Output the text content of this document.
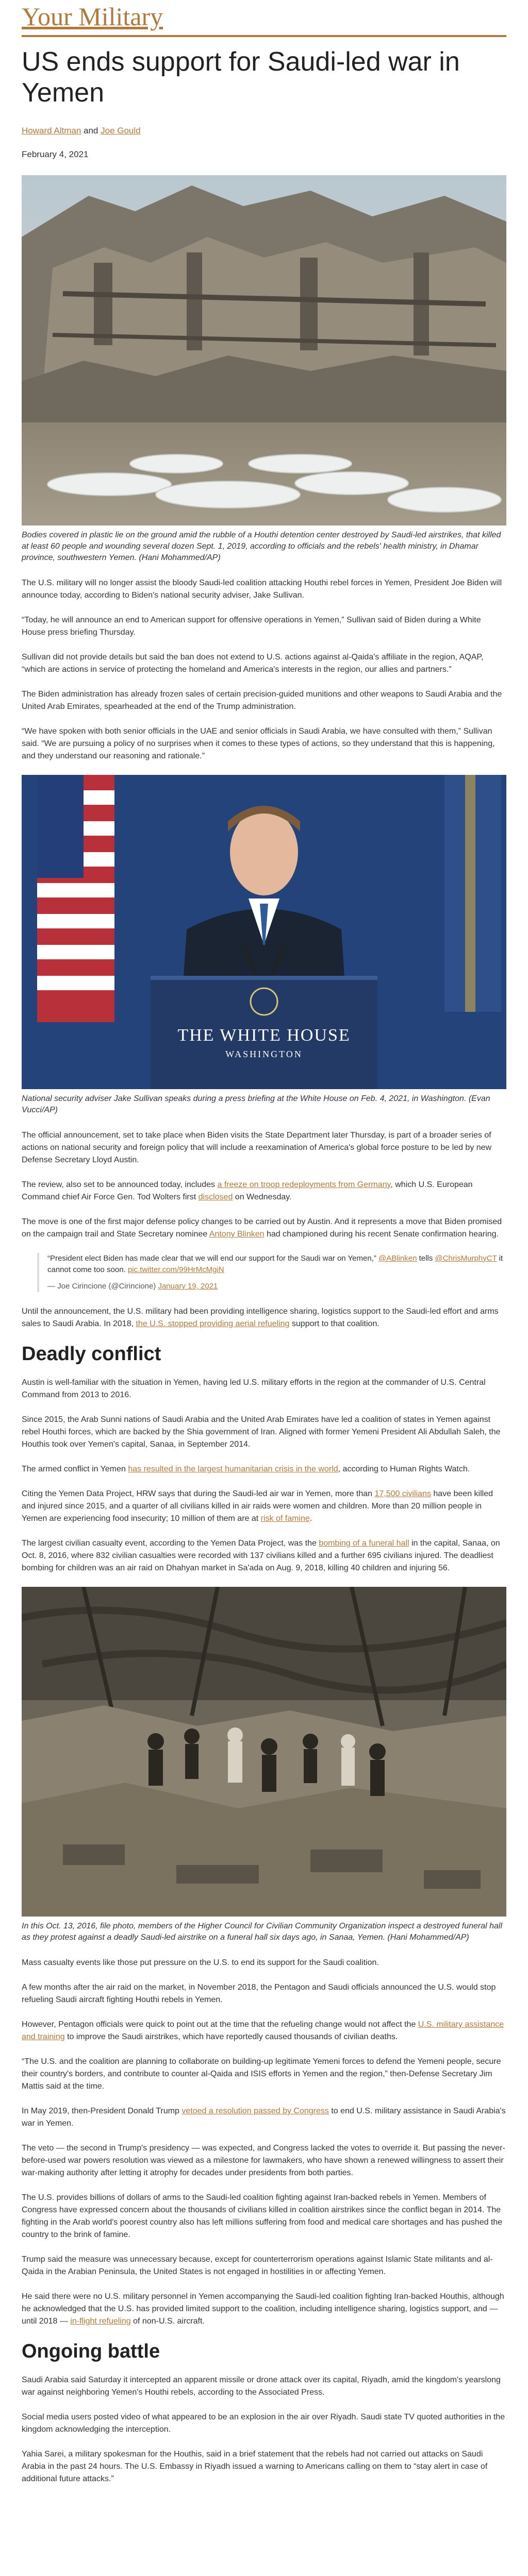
Your Military
US ends support for Saudi-led war in Yemen
Howard Altman and Joe Gould
February 4, 2021
Bodies covered in plastic lie on the ground amid the rubble of a Houthi detention center destroyed by Saudi-led airstrikes, that killed at least 60 people and wounding several dozen Sept. 1, 2019, according to officials and the rebels' health ministry, in Dhamar province, southwestern Yemen. (Hani Mohammed/AP)

The U.S. military will no longer assist the bloody Saudi-led coalition attacking Houthi rebel forces in Yemen, President Joe Biden will announce today, according to Biden's national security adviser, Jake Sullivan.

“Today, he will announce an end to American support for offensive operations in Yemen,” Sullivan said of Biden during a White House press briefing Thursday.

Sullivan did not provide details but said the ban does not extend to U.S. actions against al-Qaida's affiliate in the region, AQAP, “which are actions in service of protecting the homeland and America's interests in the region, our allies and partners.”

The Biden administration has already frozen sales of certain precision-guided munitions and other weapons to Saudi Arabia and the United Arab Emirates, spearheaded at the end of the Trump administration.

“We have spoken with both senior officials in the UAE and senior officials in Saudi Arabia, we have consulted with them,” Sullivan said. “We are pursuing a policy of no surprises when it comes to these types of actions, so they understand that this is happening, and they understand our reasoning and rationale.”

THE WHITE HOUSE
WASHINGTON
National security adviser Jake Sullivan speaks during a press briefing at the White House on Feb. 4, 2021, in Washington. (Evan Vucci/AP)

The official announcement, set to take place when Biden visits the State Department later Thursday, is part of a broader series of actions on national security and foreign policy that will include a reexamination of America's global force posture to be led by new Defense Secretary Lloyd Austin.

The review, also set to be announced today, includes a freeze on troop redeployments from Germany, which U.S. European Command chief Air Force Gen. Tod Wolters first disclosed on Wednesday.

The move is one of the first major defense policy changes to be carried out by Austin. And it represents a move that Biden promised on the campaign trail and State Secretary nominee Antony Blinken had championed during his recent Senate confirmation hearing.

“President elect Biden has made clear that we will end our support for the Saudi war on Yemen,” @ABlinken tells @ChrisMurphyCT it cannot come too soon. pic.twitter.com/99HrMcMgiN
— Joe Cirincione (@Cirincione) January 19, 2021

Until the announcement, the U.S. military had been providing intelligence sharing, logistics support to the Saudi-led effort and arms sales to Saudi Arabia. In 2018, the U.S. stopped providing aerial refueling support to that coalition.

Deadly conflict

Austin is well-familiar with the situation in Yemen, having led U.S. military efforts in the region at the commander of U.S. Central Command from 2013 to 2016.

Since 2015, the Arab Sunni nations of Saudi Arabia and the United Arab Emirates have led a coalition of states in Yemen against rebel Houthi forces, which are backed by the Shia government of Iran. Aligned with former Yemeni President Ali Abdullah Saleh, the Houthis took over Yemen's capital, Sanaa, in September 2014.

The armed conflict in Yemen has resulted in the largest humanitarian crisis in the world, according to Human Rights Watch.

Citing the Yemen Data Project, HRW says that during the Saudi-led air war in Yemen, more than 17,500 civilians have been killed and injured since 2015, and a quarter of all civilians killed in air raids were women and children. More than 20 million people in Yemen are experiencing food insecurity; 10 million of them are at risk of famine.

The largest civilian casualty event, according to the Yemen Data Project, was the bombing of a funeral hall in the capital, Sanaa, on Oct. 8, 2016, where 832 civilian casualties were recorded with 137 civilians killed and a further 695 civilians injured. The deadliest bombing for children was an air raid on Dhahyan market in Sa'ada on Aug. 9, 2018, killing 40 children and injuring 56.

In this Oct. 13, 2016, file photo, members of the Higher Council for Civilian Community Organization inspect a destroyed funeral hall as they protest against a deadly Saudi-led airstrike on a funeral hall six days ago, in Sanaa, Yemen. (Hani Mohammed/AP)

Mass casualty events like those put pressure on the U.S. to end its support for the Saudi coalition.

A few months after the air raid on the market, in November 2018, the Pentagon and Saudi officials announced the U.S. would stop refueling Saudi aircraft fighting Houthi rebels in Yemen.

However, Pentagon officials were quick to point out at the time that the refueling change would not affect the U.S. military assistance and training to improve the Saudi airstrikes, which have reportedly caused thousands of civilian deaths.

“The U.S. and the coalition are planning to collaborate on building-up legitimate Yemeni forces to defend the Yemeni people, secure their country's borders, and contribute to counter al-Qaida and ISIS efforts in Yemen and the region,” then-Defense Secretary Jim Mattis said at the time.

In May 2019, then-President Donald Trump vetoed a resolution passed by Congress to end U.S. military assistance in Saudi Arabia's war in Yemen.

The veto — the second in Trump's presidency — was expected, and Congress lacked the votes to override it. But passing the never-before-used war powers resolution was viewed as a milestone for lawmakers, who have shown a renewed willingness to assert their war-making authority after letting it atrophy for decades under presidents from both parties.

The U.S. provides billions of dollars of arms to the Saudi-led coalition fighting against Iran-backed rebels in Yemen. Members of Congress have expressed concern about the thousands of civilians killed in coalition airstrikes since the conflict began in 2014. The fighting in the Arab world's poorest country also has left millions suffering from food and medical care shortages and has pushed the country to the brink of famine.

Trump said the measure was unnecessary because, except for counterterrorism operations against Islamic State militants and al-Qaida in the Arabian Peninsula, the United States is not engaged in hostilities in or affecting Yemen.

He said there were no U.S. military personnel in Yemen accompanying the Saudi-led coalition fighting Iran-backed Houthis, although he acknowledged that the U.S. has provided limited support to the coalition, including intelligence sharing, logistics support, and — until 2018 — in-flight refueling of non-U.S. aircraft.

Ongoing battle

Saudi Arabia said Saturday it intercepted an apparent missile or drone attack over its capital, Riyadh, amid the kingdom's yearslong war against neighboring Yemen's Houthi rebels, according to the Associated Press.

Social media users posted video of what appeared to be an explosion in the air over Riyadh. Saudi state TV quoted authorities in the kingdom acknowledging the interception.

Yahia Sarei, a military spokesman for the Houthis, said in a brief statement that the rebels had not carried out attacks on Saudi Arabia in the past 24 hours. The U.S. Embassy in Riyadh issued a warning to Americans calling on them to “stay alert in case of additional future attacks.”
